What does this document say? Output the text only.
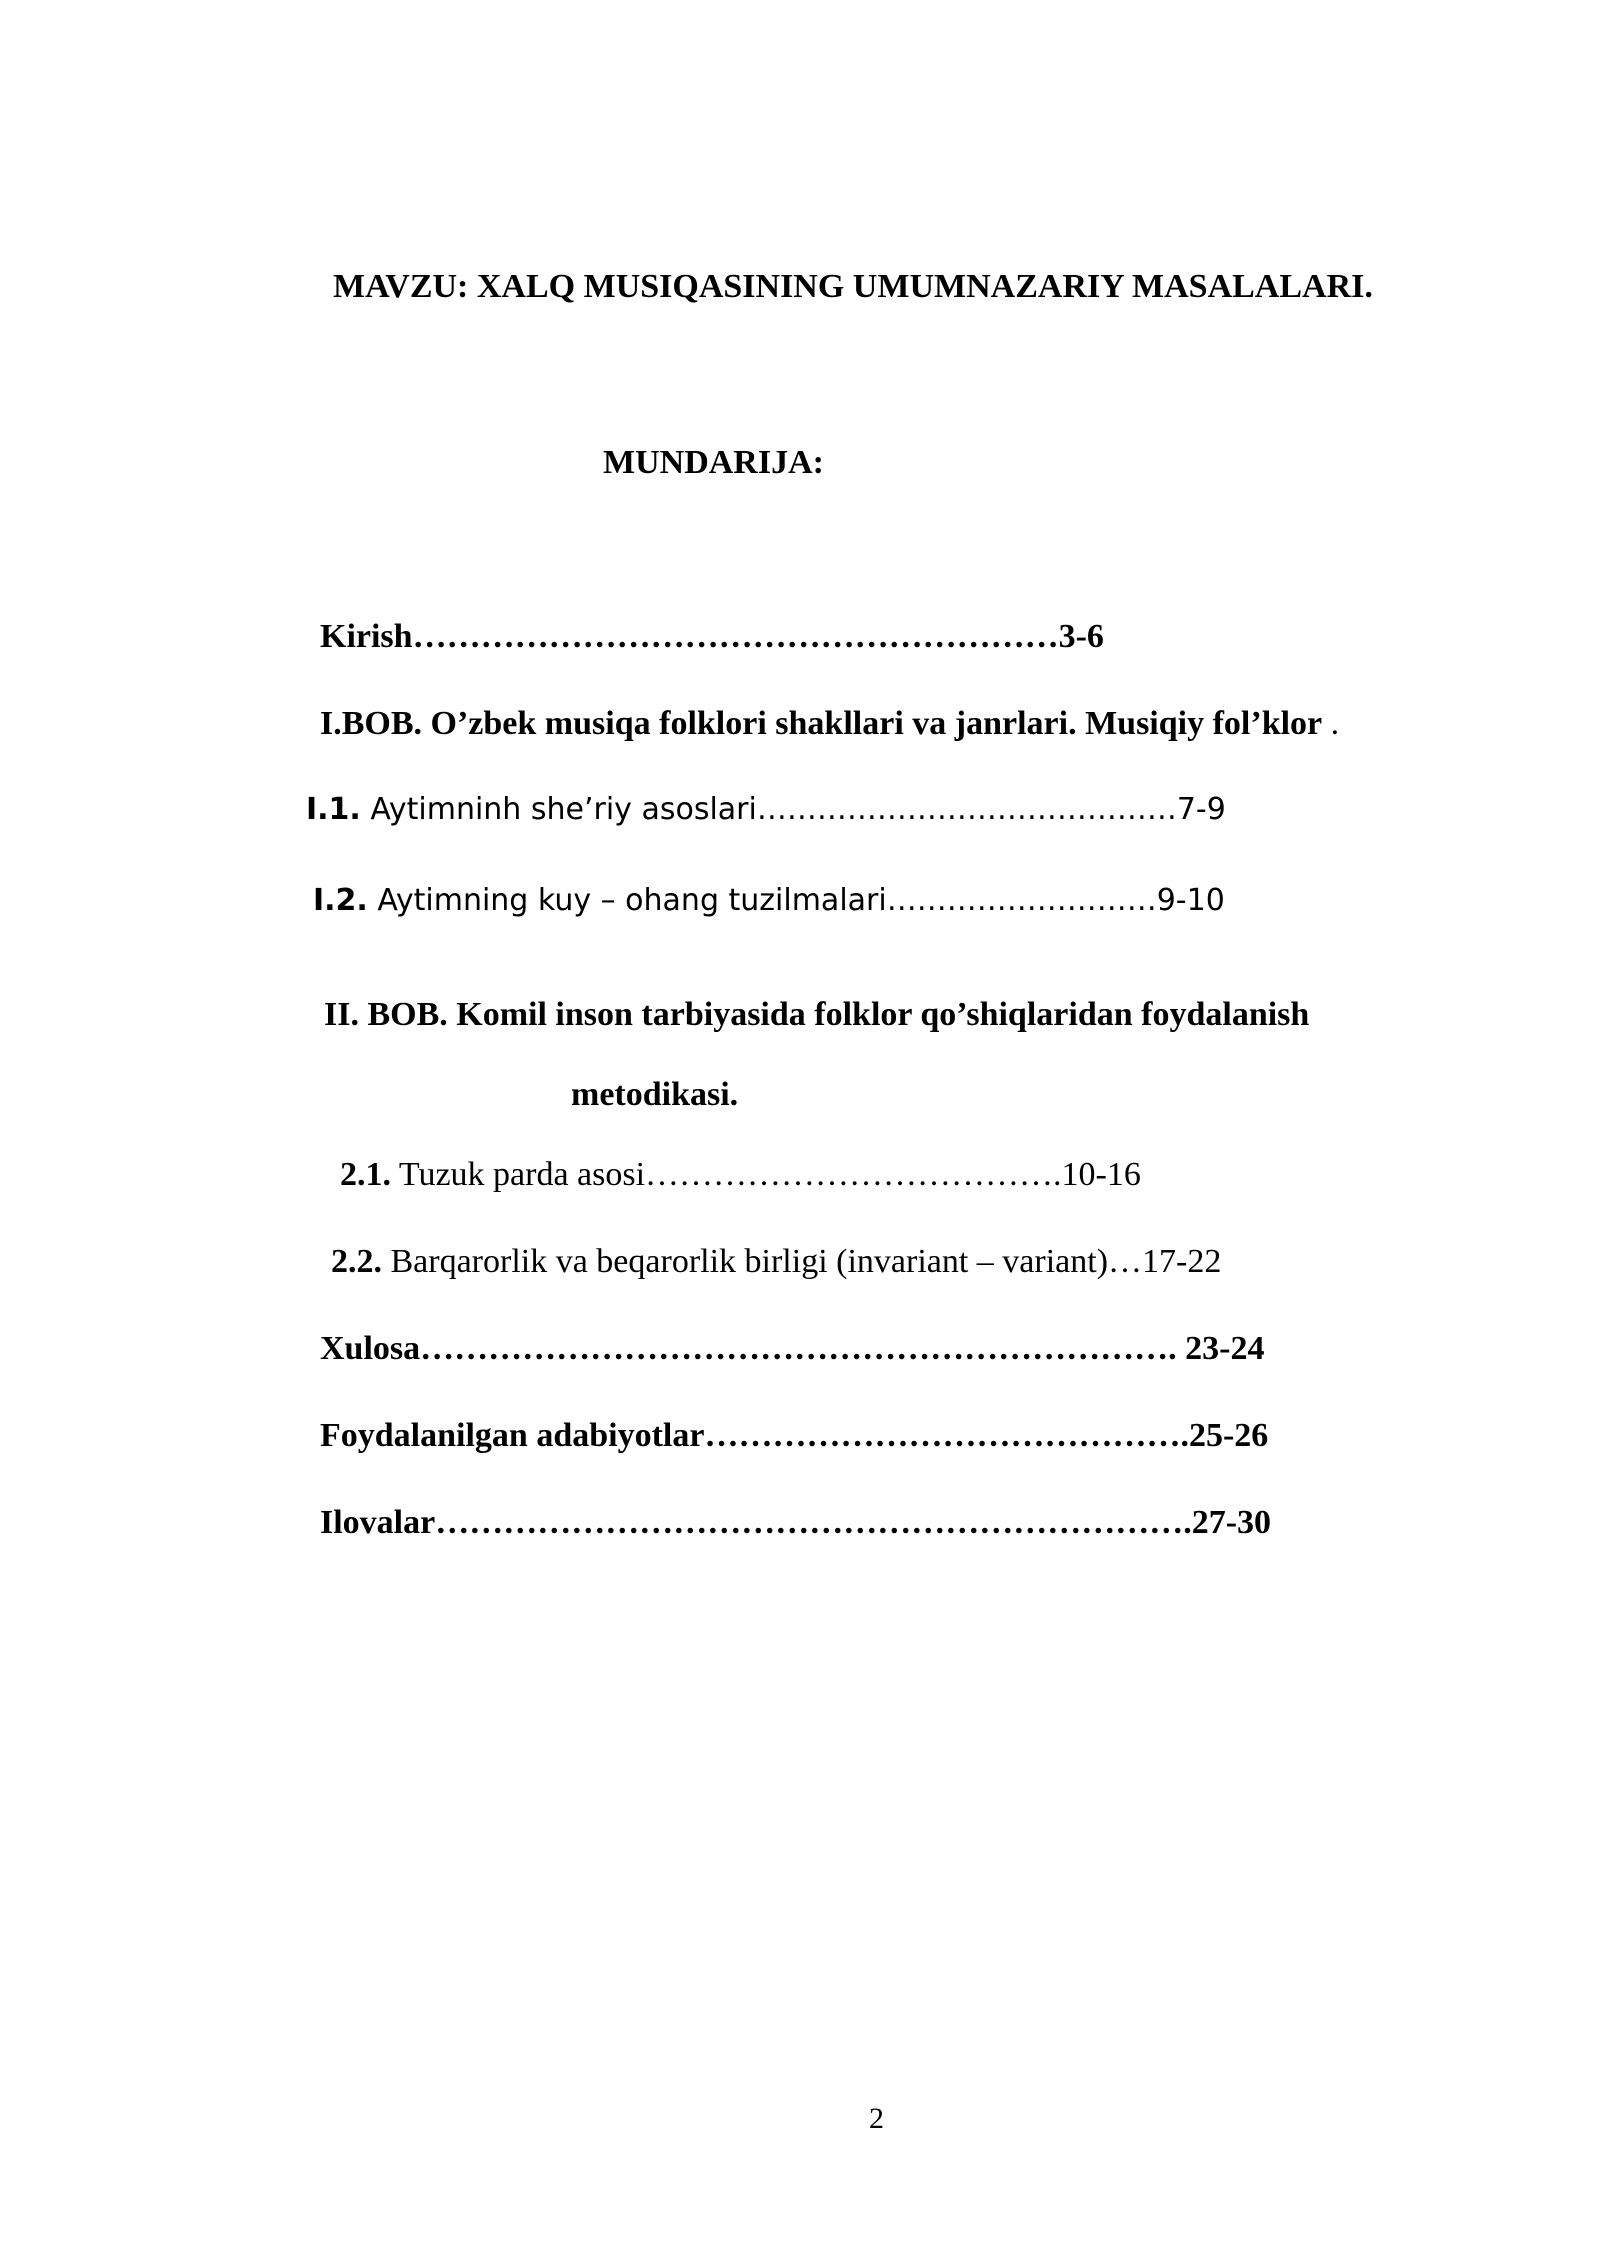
MAVZU: XALQ MUSIQASINING UMUMNAZARIY MASALALARI.
MUNDARIJA:
Kirish…………………………………………………3-6
I.BOB. O’zbek musiqa folklori shakllari va janrlari. Musiqiy fol’klor .
I.1. Aytimninh she’riy asoslari……………………………………7-9
I.2. Aytimning kuy – ohang tuzilmalari………………………9-10
II. BOB. Komil inson tarbiyasida folklor qo’shiqlaridan foydalanish
metodikasi.
2.1. Tuzuk parda asosi……………………………….10-16
2.2. Barqarorlik va beqarorlik birligi (invariant – variant)…17-22
Xulosa…………………………………………………………. 23-24
Foydalanilgan adabiyotlar…………………………………….25-26
Ilovalar………………………………………………………….27-30
2
